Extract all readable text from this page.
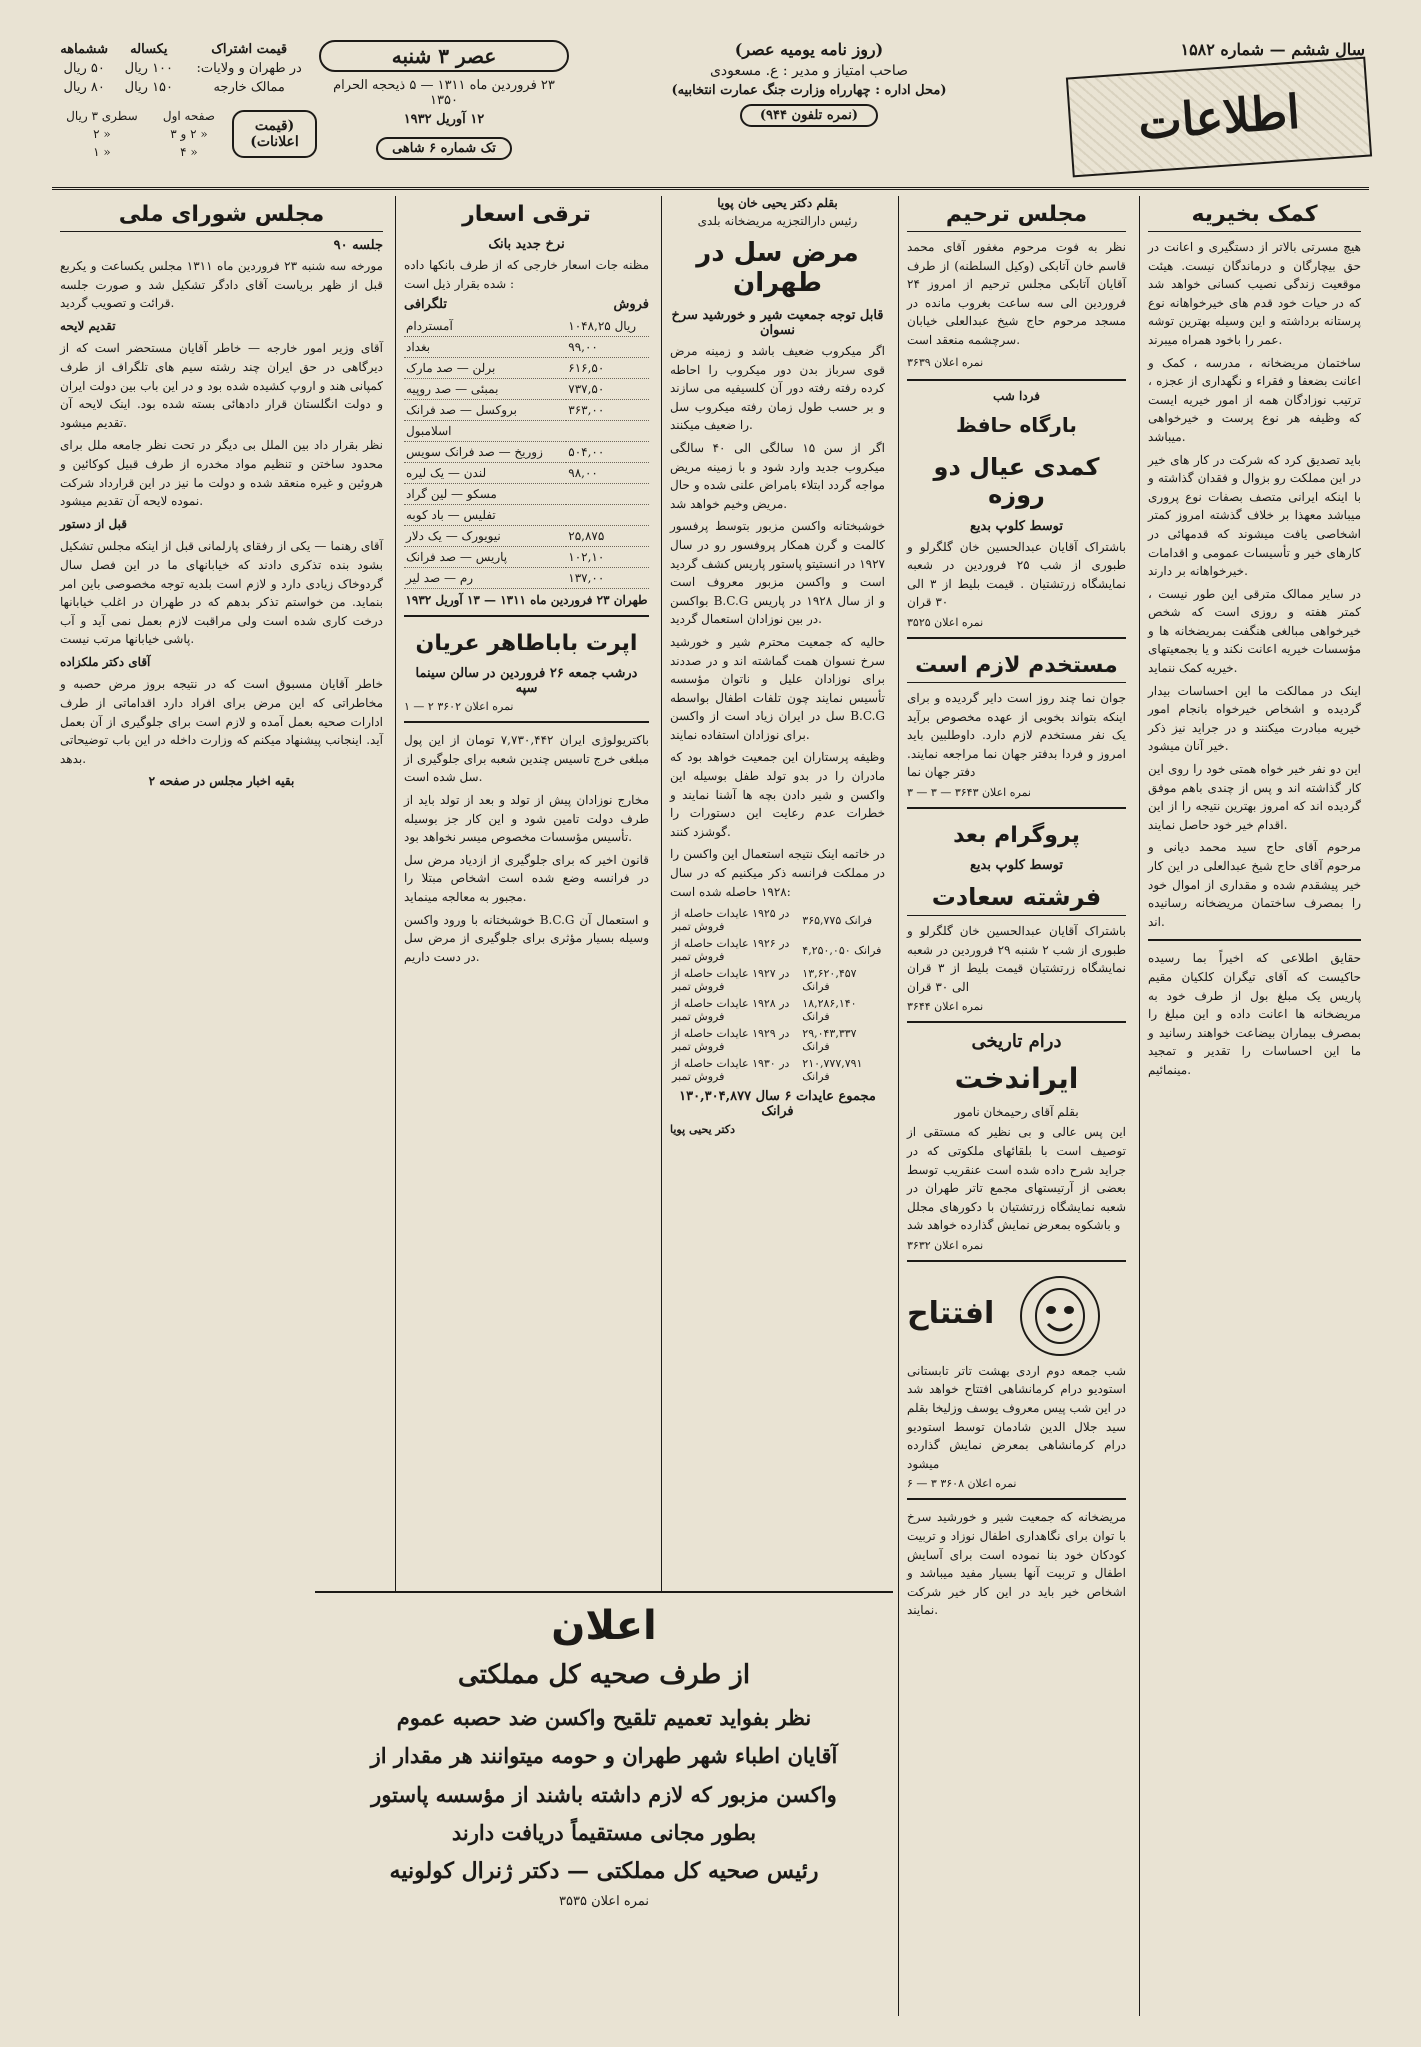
سال ششم — شماره ۱۵۸۲
اطلاعات
(روز نامه یومیه عصر)
صاحب امتیاز و مدیر : ع. مسعودی
(محل اداره : چهارراه وزارت جنگ عمارت انتخابیه)
(نمره تلفون ۹۴۴)
عصر ۳ شنبه
۲۳ فروردین ماه ۱۳۱۱ — ۵ ذیحجه الحرام ۱۳۵۰
۱۲ آوریل ۱۹۳۲
تک شماره ۶ شاهی
قیمت اشتراک	یکساله	ششماهه
در طهران و ولایات:	۱۰۰ ریال	۵۰ ریال
ممالک خارجه	۱۵۰ ریال	۸۰ ریال
(قیمت اعلانات)
صفحه اول	سطری ۳ ریال
« ۲ و ۳	« ۲
« ۴	« ۱
کمک بخیریه

هیچ مسرتی بالاتر از دستگیری و اعانت در حق بیچارگان و درماندگان نیست. هیئت موقعیت زندگی نصیب کسانی خواهد شد که در حیات خود قدم های خیرخواهانه نوع پرستانه برداشته و این وسیله بهترین توشه عمر را باخود همراه میبرند.

ساختمان مریضخانه ، مدرسه ، کمک و اعانت بضعفا و فقراء و نگهداری از عجزه ، ترتیب نوزادگان همه از امور خیریه ایست که وظیفه هر نوع پرست و خیرخواهی میباشد.

باید تصدیق کرد که شرکت در کار های خیر در این مملکت رو بزوال و فقدان گذاشته و با اینکه ایرانی متصف بصفات نوع پروری میباشد معهذا بر خلاف گذشته امروز کمتر اشخاصی یافت میشوند که قدمهائی در کارهای خیر و تأسیسات عمومی و اقدامات خیرخواهانه بر دارند.

در سایر ممالک مترقی این طور نیست ، کمتر هفته و روزی است که شخص خیرخواهی مبالغی هنگفت بمریضخانه ها و مؤسسات خیریه اعانت نکند و یا بجمعیتهای خیریه کمک ننماید.

اینک در ممالکت ما این احساسات بیدار گردیده و اشخاص خیرخواه بانجام امور خیریه مبادرت میکنند و در جراید نیز ذکر خیر آنان میشود.

این دو نفر خیر خواه همتی خود را روی این کار گذاشته اند و پس از چندی باهم موفق گردیده اند که امروز بهترین نتیجه را از این اقدام خیر خود حاصل نمایند.

مرحوم آقای حاج سید محمد دیانی و مرحوم آقای حاج شیخ عبدالعلی در این کار خیر پیشقدم شده و مقداری از اموال خود را بمصرف ساختمان مریضخانه رسانیده اند.

حقایق اطلاعی که اخیراً بما رسیده حاکیست که آقای تیگران کلکیان مقیم پاریس یک مبلغ بول از طرف خود به مریضخانه ها اعانت داده و این مبلغ را بمصرف بیماران بیضاعت خواهند رسانید و ما این احساسات را تقدیر و تمجید مینمائیم.

مجلس ترحیم

نظر به فوت مرحوم مغفور آقای محمد قاسم خان آتابکی (وکیل السلطنه) از طرف آقایان آتابکی مجلس ترحیم از امروز ۲۴ فروردین الی سه ساعت بغروب مانده در مسجد مرحوم حاج شیخ عبدالعلی خیابان سرچشمه منعقد است.

نمره اعلان ۳۶۳۹
فردا شب
بارگاه حافظ
کمدی عیال دو روزه
توسط کلوپ بدیع
باشتراک آقایان عبدالحسین خان گلگرلو و طبوری از شب ۲۵ فروردین در شعبه نمایشگاه زرتشتیان . قیمت بلیط از ۳ الی ۳۰ قران
نمره اعلان ۳۵۲۵
مستخدم لازم است
جوان نما چند روز است دایر گردیده و برای اینکه بتواند بخوبی از عهده مخصوص برآید یک نفر مستخدم لازم دارد. داوطلبین باید امروز و فردا بدفتر جهان نما مراجعه نمایند. دفتر جهان نما
نمره اعلان ۳۶۴۳ — ۳ — ۳
پروگرام بعد
توسط کلوپ بدیع
فرشته سعادت
باشتراک آقایان عبدالحسین خان گلگرلو و طبوری از شب ۲ شنبه ۲۹ فروردین در شعبه نمایشگاه زرتشتیان قیمت بلیط از ۳ قران الی ۳۰ قران
نمره اعلان ۳۶۴۴
درام تاریخی
ایراندخت
بقلم آقای رحیمخان نامور
این پس عالی و بی نظیر که مستقی از توصیف است با بلقائهای ملکوتی که در جراید شرح داده شده است عنقریب توسط بعضی از آرتیستهای مجمع تاتر طهران در شعبه نمایشگاه زرتشتیان با دکورهای مجلل و باشکوه بمعرض نمایش گذارده خواهد شد
نمره اعلان ۳۶۳۲
افتتاح
شب جمعه دوم اردی بهشت تاتر تابستانی استودیو درام کرمانشاهی افتتاح خواهد شد در این شب پیس معروف یوسف وزلیخا بقلم سید جلال الدین شادمان توسط استودیو درام کرمانشاهی بمعرض نمایش گذارده میشود
نمره اعلان ۳۶۰۸ ۳ — ۶
مریضخانه که جمعیت شیر و خورشید سرخ با توان برای نگاهداری اطفال نوزاد و تربیت کودکان خود بنا نموده است برای آسایش اطفال و تربیت آنها بسیار مفید میباشد و اشخاص خیر باید در این کار خیر شرکت نمایند.
بقلم دکتر یحیی خان پویا
رئیس دارالتجزیه مریضخانه بلدی
مرض سل در طهران
قابل توجه جمعیت شیر و خورشید سرخ نسوان

اگر میکروب ضعیف باشد و زمینه مرض قوی سرباز بدن دور میکروب را احاطه کرده رفته رفته دور آن کلسیفیه می سازند و بر حسب طول زمان رفته میکروب سل را ضعیف میکنند.

اگر از سن ۱۵ سالگی الی ۴۰ سالگی میکروب جدید وارد شود و با زمینه مریض مواجه گردد ابتلاء بامراض علنی شده و حال مریض وخیم خواهد شد.

خوشبختانه واکسن مزبور بتوسط پرفسور کالمت و گرن همکار پروفسور رو در سال ۱۹۲۷ در انستیتو پاستور پاریس کشف گردید است و واکسن مزبور معروف است بواکسن B.C.G و از سال ۱۹۲۸ در پاریس در بین نوزادان استعمال گردید.

حالیه که جمعیت محترم شیر و خورشید سرخ نسوان همت گماشته اند و در صددند برای نوزادان علیل و ناتوان مؤسسه تأسیس نمایند چون تلفات اطفال بواسطه سل در ایران زیاد است از واکسن B.C.G برای نوزادان استفاده نمایند.

وظیفه پرستاران این جمعیت خواهد بود که مادران را در بدو تولد طفل بوسیله این واکسن و شیر دادن بچه ها آشنا نمایند و خطرات عدم رعایت این دستورات را گوشزد کنند.

در خاتمه اینک نتیجه استعمال این واکسن را در مملکت فرانسه ذکر میکنیم که در سال ۱۹۲۸ حاصله شده است:

در ۱۹۲۵ عایدات حاصله از فروش تمبر	۳۶۵,۷۷۵ فرانک
در ۱۹۲۶ عایدات حاصله از فروش تمبر	۴,۲۵۰,۰۵۰ فرانک
در ۱۹۲۷ عایدات حاصله از فروش تمبر	۱۳,۶۲۰,۴۵۷ فرانک
در ۱۹۲۸ عایدات حاصله از فروش تمبر	۱۸,۲۸۶,۱۴۰ فرانک
در ۱۹۲۹ عایدات حاصله از فروش تمبر	۲۹,۰۴۳,۳۳۷ فرانک
در ۱۹۳۰ عایدات حاصله از فروش تمبر	۲۱۰,۷۷۷,۷۹۱ فرانک
مجموع عایدات ۶ سال ۱۳۰,۳۰۴,۸۷۷ فرانک
دکتر یحیی پویا
ترقی اسعار
نرخ جدید بانک
مظنه جات اسعار خارجی که از طرف بانکها داده شده بقرار ذیل است :
تلگرافی	فروش
آمستردام	۱۰۴۸,۲۵ ریال
بغداد	۹۹,۰۰
برلن — صد مارک	۶۱۶,۵۰
بمبئی — صد روپیه	۷۳۷,۵۰
بروکسل — صد فرانک	۳۶۳,۰۰
اسلامبول	
زوریخ — صد فرانک سویس	۵۰۴,۰۰
لندن — یک لیره	۹۸,۰۰
مسکو — لین گراد	
تفلیس — باد کوبه	
نیویورک — یک دلار	۲۵,۸۷۵
پاریس — صد فرانک	۱۰۲,۱۰
رم — صد لیر	۱۳۷,۰۰
طهران ۲۳ فروردین ماه ۱۳۱۱ — ۱۳ آوریل ۱۹۳۲
اپرت باباطاهر عریان
درشب جمعه ۲۶ فروردین در سالن سینما سپه
نمره اعلان ۳۶۰۲ ۲ — ۱

باکتریولوژی ایران ۷,۷۳۰,۴۴۲ تومان از این پول مبلغی خرج تاسیس چندین شعبه برای جلوگیری از سل شده است.

مخارج نوزادان پیش از تولد و بعد از تولد باید از طرف دولت تامین شود و این کار جز بوسیله تأسیس مؤسسات مخصوص میسر نخواهد بود.

قانون اخیر که برای جلوگیری از ازدیاد مرض سل در فرانسه وضع شده است اشخاص مبتلا را مجبور به معالجه مینماید.

خوشبختانه با ورود واکسن B.C.G و استعمال آن وسیله بسیار مؤثری برای جلوگیری از مرض سل در دست داریم.

مجلس شورای ملی
جلسه ۹۰

مورخه سه شنبه ۲۳ فروردین ماه ۱۳۱۱ مجلس یکساعت و یکربع قبل از ظهر بریاست آقای دادگر تشکیل شد و صورت جلسه قرائت و تصویب گردید.

تقدیم لایحه

آقای وزیر امور خارجه — خاطر آقایان مستحضر است که از دیرگاهی در حق ایران چند رشته سیم های تلگراف از طرف کمپانی هند و اروپ کشیده شده بود و در این باب بین دولت ایران و دولت انگلستان قرار دادهائی بسته شده بود. اینک لایحه آن تقدیم میشود.

نظر بقرار داد بین الملل بی دیگر در تحت نظر جامعه ملل برای محدود ساختن و تنظیم مواد مخدره از طرف قبیل کوکائین و هروئین و غیره منعقد شده و دولت ما نیز در این قرارداد شرکت نموده لایحه آن تقدیم میشود.

قبل از دستور

آقای رهنما — یکی از رفقای پارلمانی قبل از اینکه مجلس تشکیل بشود بنده تذکری دادند که خیابانهای ما در این فصل سال گردوخاک زیادی دارد و لازم است بلدیه توجه مخصوصی باین امر بنماید. من خواستم تذکر بدهم که در طهران در اغلب خیابانها درخت کاری شده است ولی مراقبت لازم بعمل نمی آید و آب پاشی خیابانها مرتب نیست.

آقای دکتر ملکزاده

خاطر آقایان مسبوق است که در نتیجه بروز مرض حصبه و مخاطراتی که این مرض برای افراد دارد اقداماتی از طرف ادارات صحیه بعمل آمده و لازم است برای جلوگیری از آن بعمل آید. اینجانب پیشنهاد میکنم که وزارت داخله در این باب توضیحاتی بدهد.

بقیه اخبار مجلس در صفحه ۲

اعلان
از طرف صحیه کل مملکتی
نظر بفواید تعمیم تلقیح واکسن ضد حصبه عموم
آقایان اطباء شهر طهران و حومه میتوانند هر مقدار از
واکسن مزبور که لازم داشته باشند از مؤسسه پاستور
بطور مجانی مستقیماً دریافت دارند
رئیس صحیه کل مملکتی — دکتر ژنرال کولونیه
نمره اعلان ۳۵۳۵
